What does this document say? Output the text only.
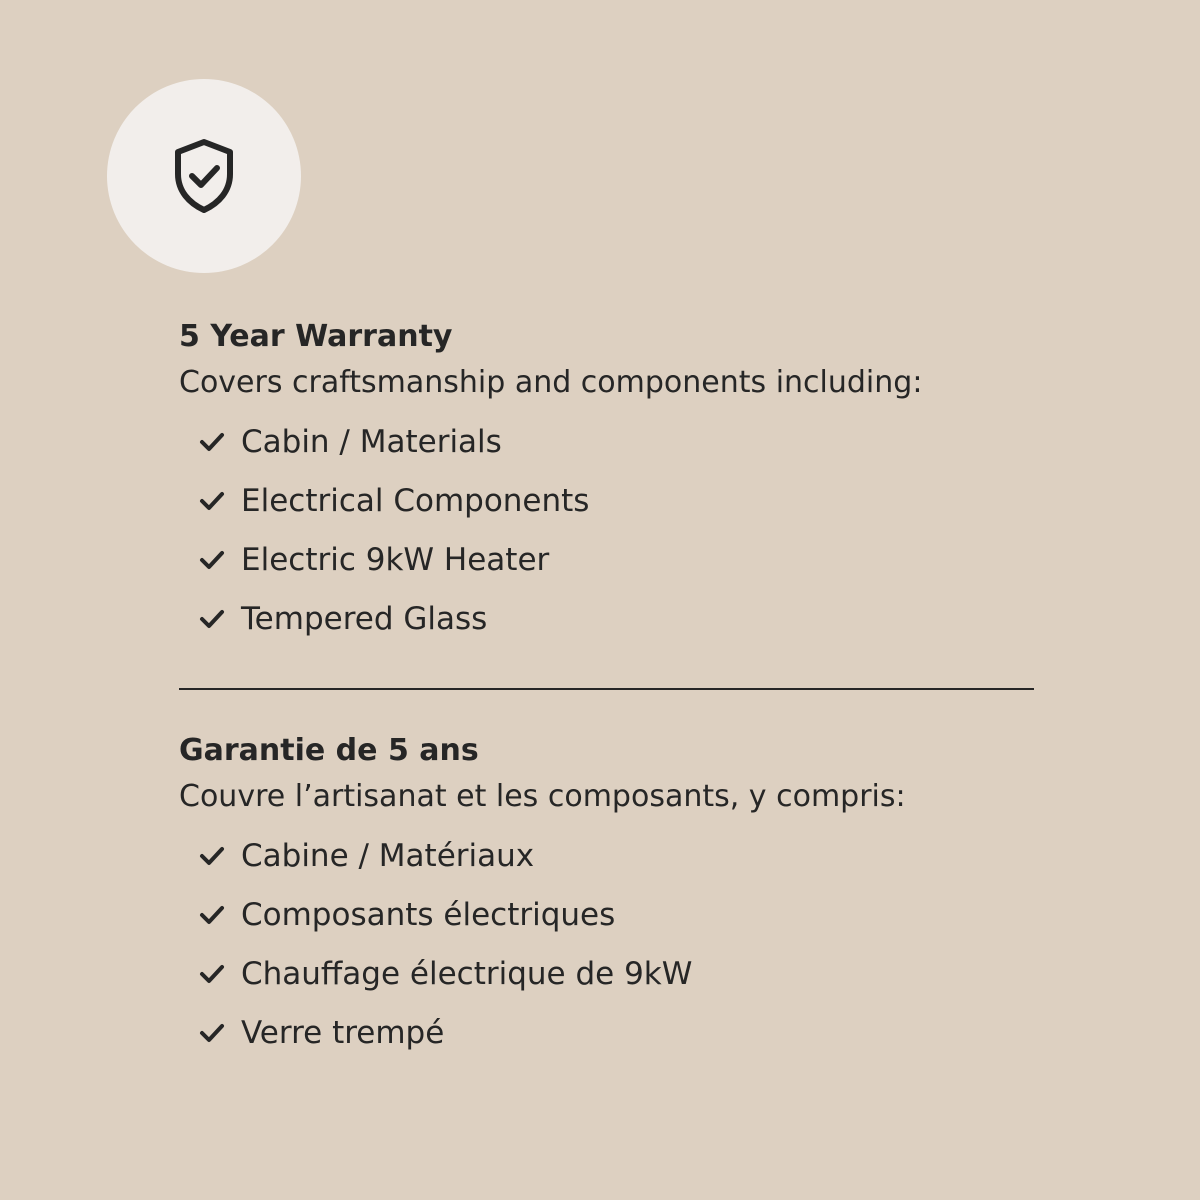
5 Year Warranty
Covers craftsmanship and components including:
Cabin / Materials
Electrical Components
Electric 9kW Heater
Tempered Glass
Garantie de 5 ans
Couvre l’artisanat et les composants, y compris:
Cabine / Matériaux
Composants électriques
Chauffage électrique de 9kW
Verre trempé
